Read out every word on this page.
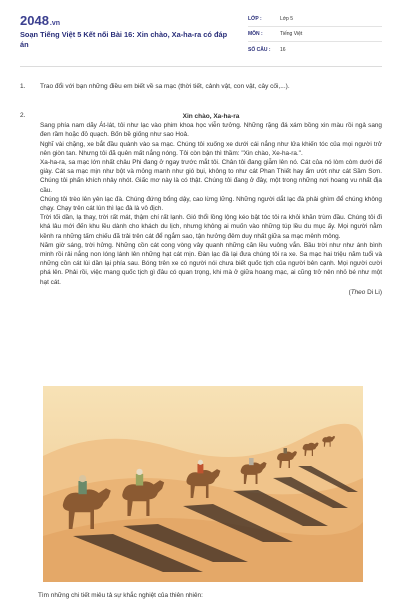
2048.vn
Soạn Tiếng Việt 5 Kết nối Bài 16: Xin chào, Xa-ha-ra có đáp án
LỚP :	Lớp 5
MÔN :	Tiếng Việt
SỐ CÂU :	16
1. Trao đổi với bạn những điều em biết về sa mạc (thời tiết, cảnh vật, con vật, cây cối,...).
2.	Xin chào, Xa-ha-ra

Sang phía nam dãy Át-lát, tôi như lạc vào phim khoa học viễn tưởng. Những rặng đá xám bồng xin màu rồi ngả sang đen rầm hoặc đỏ quạch. Bốn bề giống như sao Hoả.

Nghĩ vài chặng, xe bắt đầu quành vào sa mạc. Chúng tôi xuống xe dưới cái nắng như lửa khiến tóc của mọi người trở nên giòn tan. Nhưng tôi đã quên mất nắng nóng. Tôi còn bận thì thầm: "Xin chào, Xe-ha-ra.".

Xa-ha-ra, sa mạc lớn nhất châu Phi đang ở ngay trước mắt tôi. Chân tôi đang giẫm lên nó. Cát của nó lòm còm dưới đế giày. Cát sa mạc mịn như bột và mỏng manh như gió bụi, không to như cát Phan Thiết hay ẩm ướt như cát Sầm Sơn. Chúng tôi phấn khích nhảy nhót. Giấc mơ này là có thật. Chúng tôi đang ở đây, một trong những nơi hoang vu nhất địa cầu.

Chúng tôi trèo lên yên lạc đà. Chúng đứng bổng dậy, cao lừng lững. Những người dắt lạc đà phải ghìm để chúng không chạy. Chạy trên cát lún thì lạc đà là vô địch.

Trời tối dần, lạ thay, trời rất mát, thậm chí rất lạnh. Gió thổi lồng lộng kéo bật tóc tôi ra khỏi khăn trùm đầu. Chúng tôi đi khá lâu mới đến khu lều dành cho khách du lịch, nhưng không ai muốn vào những túp lều du mục ấy. Mọi người nằm kềnh ra những tấm chiếu đã trải trên cát để ngắm sao, tận hưởng đêm duy nhất giữa sa mạc mênh mông.

Năm giờ sáng, trời hửng. Những cồn cát cong vòng vây quanh những căn lều vuông vắn. Bầu trời như như ánh bình minh rồi rải nắng non lóng lánh lên những hạt cát mịn. Đàn lạc đà lại đưa chúng tôi ra xe. Sa mạc hai triệu năm tuổi và những cồn cát lùi dần lại phía sau. Bóng trên xe có người nói chưa biết quốc tịch của người bên cạnh. Mọi người cười phá lên. Phải rồi, việc mang quốc tịch gì đâu có quan trọng, khi mà ở giữa hoang mạc, ai cũng trở nên nhỏ bé như một hạt cát.

(Theo Di Li)
Tìm những chi tiết miêu tả sự khắc nghiệt của thiên nhiên:
